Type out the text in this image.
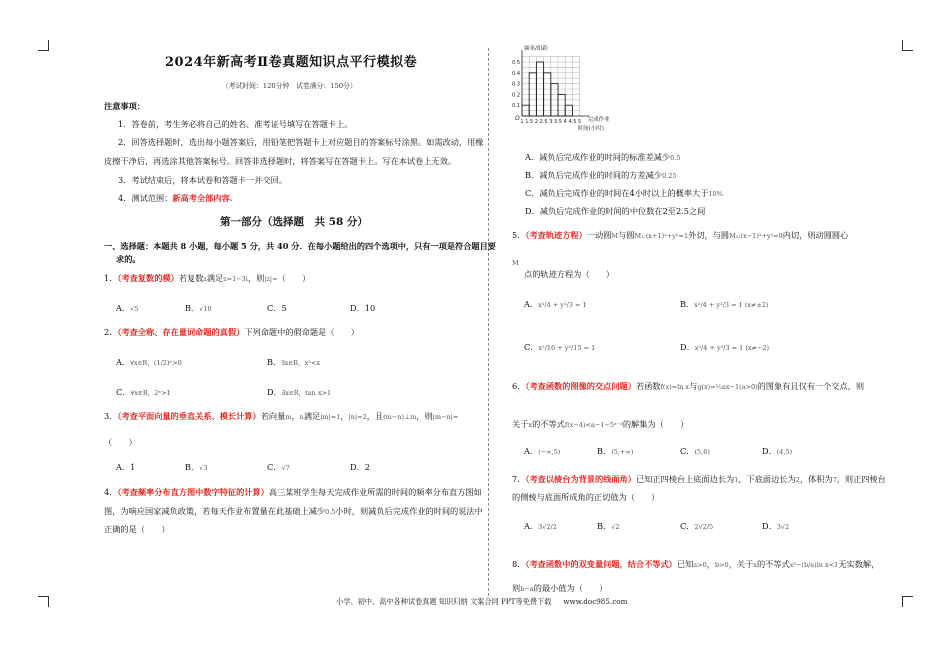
2024年新高考Ⅱ卷真题知识点平行模拟卷
（考试时间：120分钟　试卷满分：150分）
注意事项：
1．答卷前，考生务必将自己的姓名、准考证号填写在答题卡上。
2．回答选择题时，选出每小题答案后，用铅笔把答题卡上对应题目的答案标号涂黑。如需改动，用橡
皮擦干净后，再选涂其他答案标号。回答非选择题时，将答案写在答题卡上。写在本试卷上无效。
3．考试结束后，将本试卷和答题卡一并交回。
4．测试范围：新高考全部内容.
第一部分（选择题　共 58 分）
一、选择题：本题共 8 小题，每小题 5 分，共 40 分．在每小题给出的四个选项中，只有一项是符合题目要
求的。
1．（考查复数的模）若复数z满足z=1−3i，则|z|=（　　）
A．√5	B．√10	C．5	D．10
2．（考查全称、存在量词命题的真假）下列命题中的假命题是（　　）
A．∀x∈R，(1/2)ˣ>0	B．∃x∈R，x²<x
C．∀x∈R，2ˣ>1	D．∃x∈R，tan x>1
3．（考查平面向量的垂直关系、模长计算）若向量m，n满足|m|=1，|n|=2，且(m−n)⊥m，则|m−n|=
（　　）
A．1	B．√3	C．√7	D．2
4．（考查频率分布直方图中数字特征的计算）高三某班学生每天完成作业所需的时间的频率分布直方图如
图，为响应国家减负政策，若每天作业布置量在此基础上减少0.5小时，则减负后完成作业的时间的说法中
正确的是（　　）
0.5
0.4
0.3
0.2
0.1
1 1.5 2 2.5 3 3.5 4 4.5 5
O
频率/组距
完成作业
时间(小时)
A．减负后完成作业的时间的标准差减少0.5
B．减负后完成作业的时间的方差减少0.25
C．减负后完成作业的时间在4小时以上的概率大于10%
D．减负后完成作业的时间的中位数在2至2.5之间
5．（考查轨迹方程）一动圆M与圆M₁:(x+1)²+y²=1外切，与圆M₂:(x−1)²+y²=9内切，则动圆圆心
M
点的轨迹方程为（　　）
A．x²/4 + y²/3 = 1	B．x²/4 + y²/3 = 1 (x≠±2)
C．x²/16 + y²/15 = 1	D．x²/4 + y²/3 = 1 (x≠−2)
6．（考查函数的图像的交点问题）若函数f(x)=ln x与g(x)=½ax−1(a>0)的图象有且仅有一个交点，则
关于x的不等式f(x−4)<a−1−5ˣ⁻⁴的解集为（　　）
A．(−∞,5)	B．(5,+∞)	C．(5,6)	D．(4,5)
7．（考查以棱台为背景的线面角）已知正四棱台上底面边长为1，下底面边长为2，体积为7，则正四棱台
的侧棱与底面所成角的正切值为（　　）
A．3√2/2	B．√2	C．2√2/5	D．3√2
8．（考查函数中的双变量问题，结合不等式）已知a>0，b>0，关于x的不等式x²−(b/a)ln x<1无实数解，
则b−a的最小值为（　　）
小学、初中、高中各种试卷真题 知识归纳 文案合同 PPT等免费下载 www.doc985.com
